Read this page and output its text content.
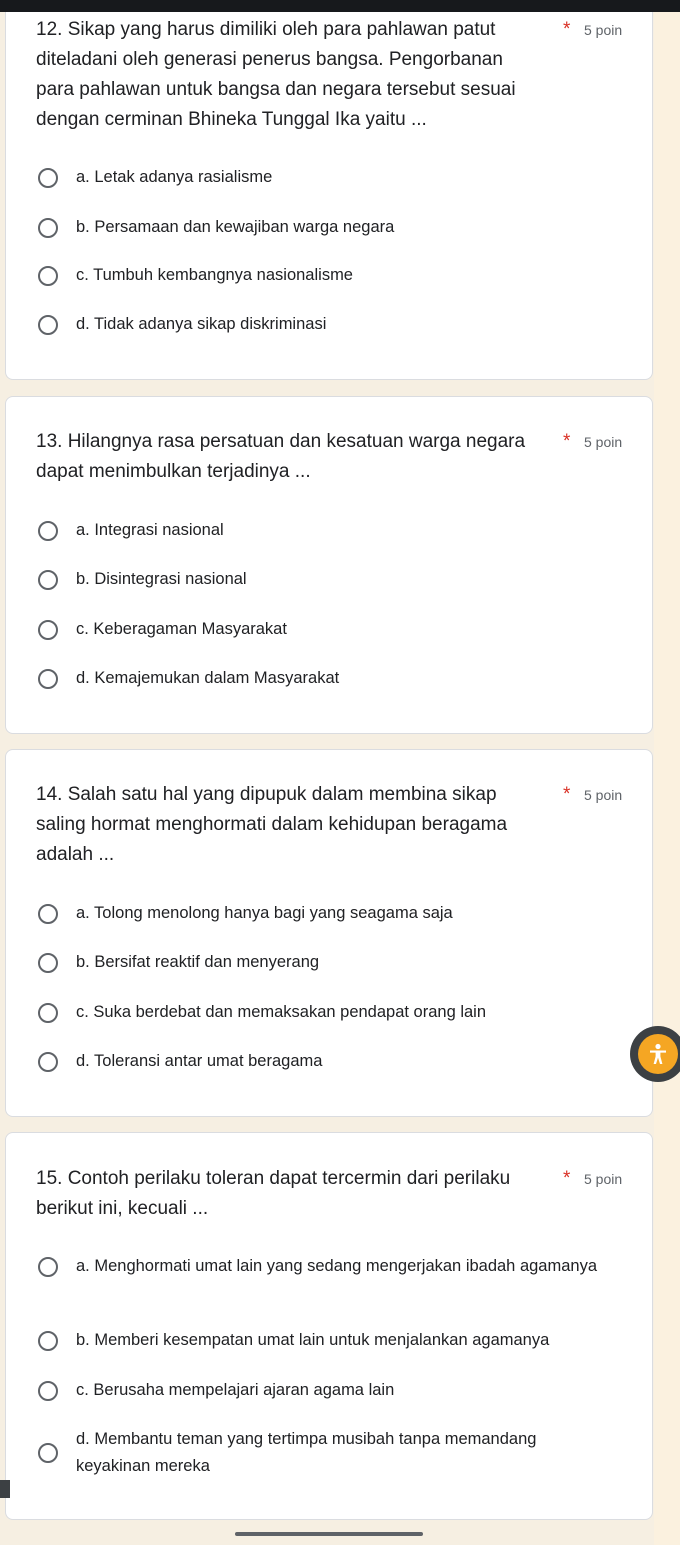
12. Sikap yang harus dimiliki oleh para pahlawan patut diteladani oleh generasi penerus bangsa. Pengorbanan para pahlawan untuk bangsa dan negara tersebut sesuai dengan cerminan Bhineka Tunggal Ika yaitu ...

* 5 poin
a. Letak adanya rasialisme
b. Persamaan dan kewajiban warga negara
c. Tumbuh kembangnya nasionalisme
d. Tidak adanya sikap diskriminasi

13. Hilangnya rasa persatuan dan kesatuan warga negara dapat menimbulkan terjadinya ...

* 5 poin
a. Integrasi nasional
b. Disintegrasi nasional
c. Keberagaman Masyarakat
d. Kemajemukan dalam Masyarakat

14. Salah satu hal yang dipupuk dalam membina sikap saling hormat menghormati dalam kehidupan beragama adalah ...

* 5 poin
a. Tolong menolong hanya bagi yang seagama saja
b. Bersifat reaktif dan menyerang
c. Suka berdebat dan memaksakan pendapat orang lain
d. Toleransi antar umat beragama

15. Contoh perilaku toleran dapat tercermin dari perilaku berikut ini, kecuali ...

* 5 poin
a. Menghormati umat lain yang sedang mengerjakan ibadah agamanya
b. Memberi kesempatan umat lain untuk menjalankan agamanya
c. Berusaha mempelajari ajaran agama lain
d. Membantu teman yang tertimpa musibah tanpa memandang keyakinan mereka
